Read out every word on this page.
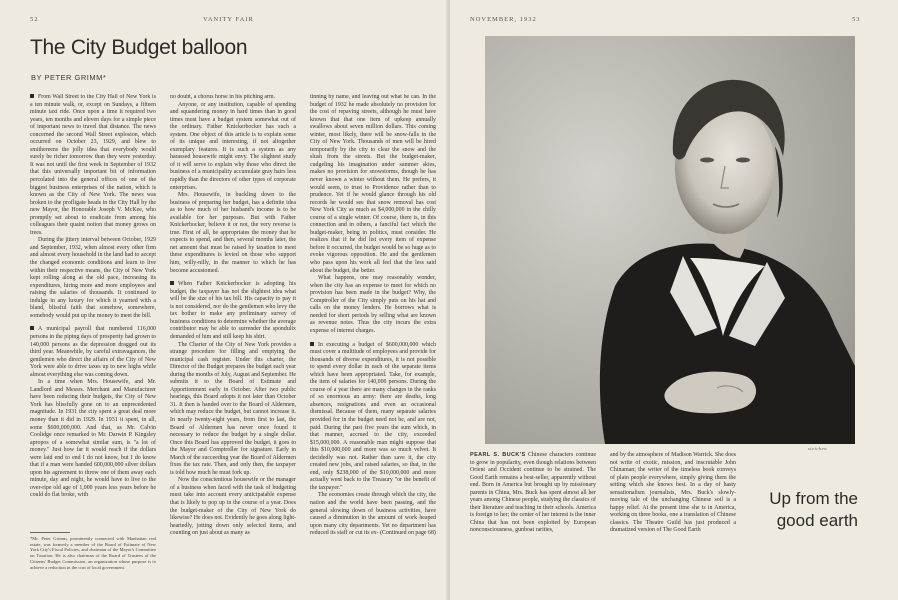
52	VANITY FAIR
The City Budget balloon
BY PETER GRIMM*

From Wall Street to the City Hall of New York is a ten minute walk, or, except on Sundays, a fifteen minute taxi ride. Once upon a time it required two years, ten months and eleven days for a simple piece of important news to travel that distance. The news concerned the second Wall Street explosion, which occurred on October 23, 1929, and blew to smithereens the jolly idea that everybody would surely be richer tomorrow than they were yesterday. It was not until the first week in September of 1932 that this universally important bit of information percolated into the general offices of one of the biggest business enterprises of the nation, which is known as the City of New York. The news was broken to the profligate heads in the City Hall by the new Mayor, the Honorable Joseph V. McKee, who promptly set about to eradicate from among his colleagues their quaint notion that money grows on trees.

During the jittery interval between October, 1929 and September, 1932, when almost every other firm and almost every household in the land had to accept the changed economic conditions and learn to live within their respective means, the City of New York kept rolling along at the old pace, increasing its expenditures, hiring more and more employees and raising the salaries of thousands. It continued to indulge in any luxury for which it yearned with a bland, blissful faith that somehow, somewhere, somebody would put up the money to meet the bill.

A municipal payroll that numbered 116,000 persons in the piping days of prosperity had grown to 140,000 persons as the depression dragged out its third year. Meanwhile, by careful extravagances, the gentlemen who direct the affairs of the City of New York were able to drive taxes up to new highs while almost everything else was coming down.

In a time when Mrs. Housewife, and Mr. Landlord and Messrs. Merchant and Manufacturer have been reducing their budgets, the City of New York has blissfully gone on to an unprecedented magnitude. In 1931 the city spent a great deal more money than it did in 1929. In 1931 it spent, in all, some $600,000,000. And that, as Mr. Calvin Coolidge once remarked to Mr. Darwin P. Kingsley apropos of a somewhat similar sum, is "a lot of money." Just how far it would reach if the dollars were laid end to end I do not know, but I do know that if a man were handed 600,000,000 silver dollars upon his agreement to throw one of them away each minute, day and night, he would have to live to the over-ripe old age of 1,000 years less years before he could do flat broke, with

*Mr. Peter Grimm, prominently connected with Manhattan real estate, was formerly a member of the Board of Estimate of New York City's Fiscal Policies, and chairman of the Mayor's Committee on Taxation. He is also chairman of the Board of Trustees of the Citizens' Budget Commission, an organization whose purpose is to achieve a reduction in the cost of local government.

no doubt, a chorus horse in his pitching arm.

Anyone, or any institution, capable of spending and squandering money in hard times than in good times must have a budget system somewhat out of the ordinary. Father Knickerbocker has such a system. One object of this article is to explain some of its unique and interesting, if not altogether exemplary features. It is such a system as any harassed housewife might envy. The slightest study of it will serve to explain why those who direct the business of a municipality accumulate gray hairs less rapidly than the directors of other types of corporate enterprises.

Mrs. Housewife, in buckling down to the business of preparing her budget, has a definite idea as to how much of her husband's income is to be available for her purposes. But with Father Knickerbocker, believe it or not, the very reverse is true. First of all, he appropriates the money that he expects to spend, and then, several months later, the net amount that must be raised by taxation to meet these expenditures is levied on those who support him, willy-nilly, in the manner to which he has become accustomed.

When Father Knickerbocker is adopting his budget, the taxpayer has not the slightest idea what will be the size of his tax bill. His capacity to pay it is not considered, nor do the gentlemen who levy the tax bother to make any preliminary survey of business conditions to determine whether the average contributor may be able to surrender the spondulix demanded of him and still keep his shirt.

The Charter of the City of New York provides a strange procedure for filling and emptying the municipal cash register. Under this charter, the Director of the Budget prepares the budget each year during the months of July, August and September. He submits it to the Board of Estimate and Apportionment early in October. After two public hearings, this Board adopts it not later than October 31. It then is handed over to the Board of Aldermen, which may reduce the budget, but cannot increase it. In nearly twenty-eight years, from first to last, the Board of Aldermen has never once found it necessary to reduce the budget by a single dollar. Once this Board has approved the budget, it goes to the Mayor and Comptroller for signature. Early in March of the succeeding year the Board of Aldermen fixes the tax rate. Then, and only then, the taxpayer is told how much he must fork up.

Now the conscientious housewife or the manager of a business when faced with the task of budgeting must take into account every anticipatable expense that is likely to pop up in the course of a year. Does the budget-maker of the City of New York do likewise? He does not. Evidently he goes along light-heartedly, jotting down only selected items, and counting on just about as many as

tinning by name, and leaving out what he can. In the budget of 1932 he made absolutely no provision for the cost of repaving streets, although he must have known that that one item of upkeep annually swallows about seven million dollars. This coming winter, most likely, there will be snow-falls in the City of New York. Thousands of men will be hired temporarily by the city to clear the snow and the slush from the streets. But the budget-maker, cudgeling his imagination under summer skies, makes no provision for snowstorms, though he has never known a winter without them. He prefers, it would seem, to trust to Providence rather than to prudence. Yet if he would glance through his old records he would see that snow removal has cost New York City as much as $4,000,000 in the chilly course of a single winter. Of course, there is, in this connection and in others, a fanciful fact which the budget-maker, being in politics, must consider. He realizes that if he did list every item of expense before it occurred, the budget would be so huge as to evoke vigorous opposition. He and the gentlemen who pass upon his work all feel that the less said about the budget, the better.

What happens, one may reasonably wonder, when the city has an expense to meet for which no provision has been made in the budget? Why, the Comptroller of the City simply puts on his hat and calls on the money lenders. He borrows what is needed for short periods by selling what are known as revenue notes. Thus the city incurs the extra expense of interest charges.

In executing a budget of $600,000,000 which must cover a multitude of employees and provide for thousands of diverse expenditures, it is not possible to spend every dollar in each of the separate items which have been appropriated. Take, for example, the item of salaries for 140,000 persons. During the course of a year there are many changes in the ranks of so enormous an army: there are deaths, long absences, resignations and even an occasional dismissal. Because of them, many separate salaries provided for in the budget need not be, and are not, paid. During the past five years the sum which, in that manner, accrued to the city, exceeded $15,000,000. A reasonable man might suppose that this $10,000,000 and more was so much velvet. It decidedly was not. Rather than save it, the city created new jobs, and raised salaries, so that, in the end, only $238,000 of the $10,000,000 and more actually went back to the Treasury "or the benefit of the taxpayer."

The economies create through which the city, the nation and the world have been passing, and the general slowing down of business activities, have caused a diminution in the amount of work heaped upon many city departments. Yet no department has reduced its staff or cut its ex- (Continued on page 68)

NOVEMBER, 1932	53
steichen
PEARL S. BUCK'S Chinese characters continue to grow in popularity, even though relations between Orient and Occident continue to be strained. The Good Earth remains a best-seller, apparently without end. Born in America but brought up by missionary parents in China, Mrs. Buck has spent almost all her years among Chinese people, studying the classics of their literature and teaching in their schools. America is foreign to her; the center of her interest is the inner China that has not been exploited by European nonconsciousness, gunboat rarities,
and by the atmosphere of Madison Warrick. She does not write of exotic, mission, and inscrutable John Chinaman; the writer of the timeless book conveys of plain people everywhere, simply giving them the setting which she knows best. In a day of hasty sensationalism journalists, Mrs. Buck's slowly-moving tale of the unchanging Chinese soil is a happy relief. At the present time she is in America, working on three books, one a translation of Chinese classics. The Theatre Guild has just produced a dramatized version of The Good Earth
Up from the
good earth
